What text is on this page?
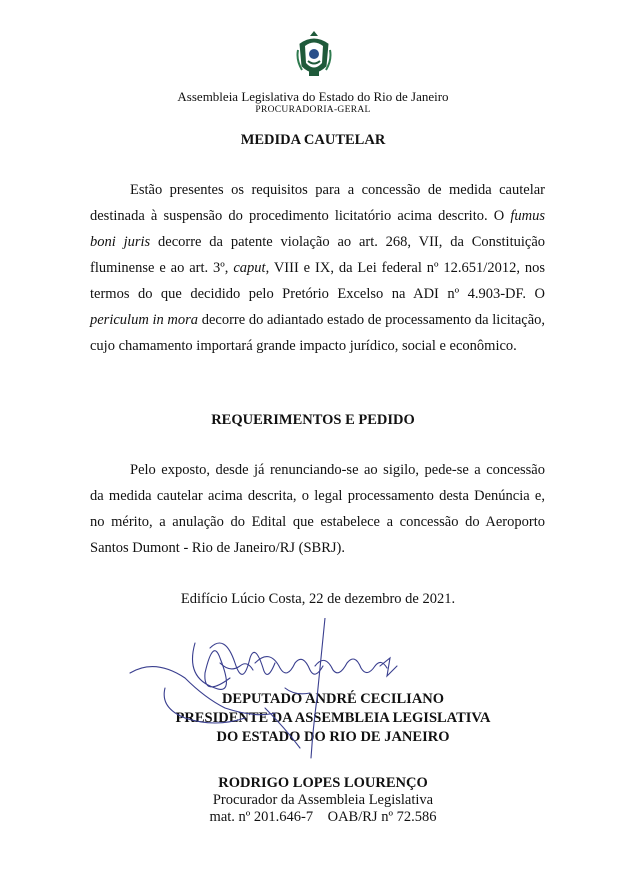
Assembleia Legislativa do Estado do Rio de Janeiro
PROCURADORIA-GERAL
MEDIDA CAUTELAR

Estão presentes os requisitos para a concessão de medida cautelar destinada à suspensão do procedimento licitatório acima descrito. O fumus boni juris decorre da patente violação ao art. 268, VII, da Constituição fluminense e ao art. 3º, caput, VIII e IX, da Lei federal nº 12.651/2012, nos termos do que decidido pelo Pretório Excelso na ADI nº 4.903-DF. O periculum in mora decorre do adiantado estado de processamento da licitação, cujo chamamento importará grande impacto jurídico, social e econômico.

REQUERIMENTOS E PEDIDO

Pelo exposto, desde já renunciando-se ao sigilo, pede-se a concessão da medida cautelar acima descrita, o legal processamento desta Denúncia e, no mérito, a anulação do Edital que estabelece a concessão do Aeroporto Santos Dumont - Rio de Janeiro/RJ (SBRJ).

Edifício Lúcio Costa, 22 de dezembro de 2021.
DEPUTADO ANDRÉ CECILIANO
PRESIDENTE DA ASSEMBLEIA LEGISLATIVA
DO ESTADO DO RIO DE JANEIRO
RODRIGO LOPES LOURENÇO
Procurador da Assembleia Legislativa
mat. nº 201.646-7    OAB/RJ nº 72.586
